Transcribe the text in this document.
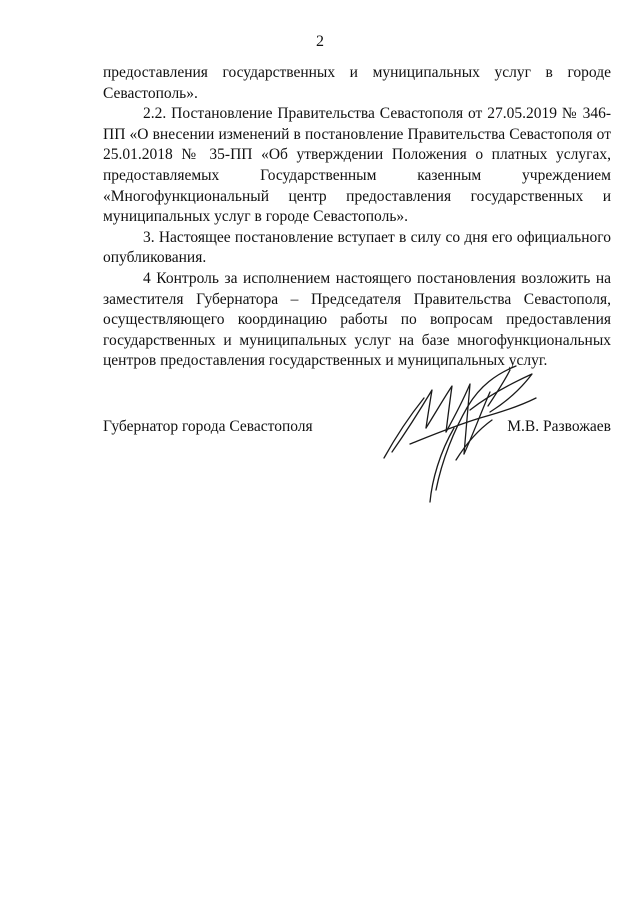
2

предоставления государственных и муниципальных услуг в городе Севастополь».

2.2. Постановление Правительства Севастополя от 27.05.2019 № 346-ПП «О внесении изменений в постановление Правительства Севастополя от 25.01.2018 № 35-ПП «Об утверждении Положения о платных услугах, предоставляемых Государственным казенным учреждением «Многофункциональный центр предоставления государственных и муниципальных услуг в городе Севастополь».

3. Настоящее постановление вступает в силу со дня его официального опубликования.

4 Контроль за исполнением настоящего постановления возложить на заместителя Губернатора – Председателя Правительства Севастополя, осуществляющего координацию работы по вопросам предоставления государственных и муниципальных услуг на базе многофункциональных центров предоставления государственных и муниципальных услуг.

Губернатор города Севастополя	М.В. Развожаев
